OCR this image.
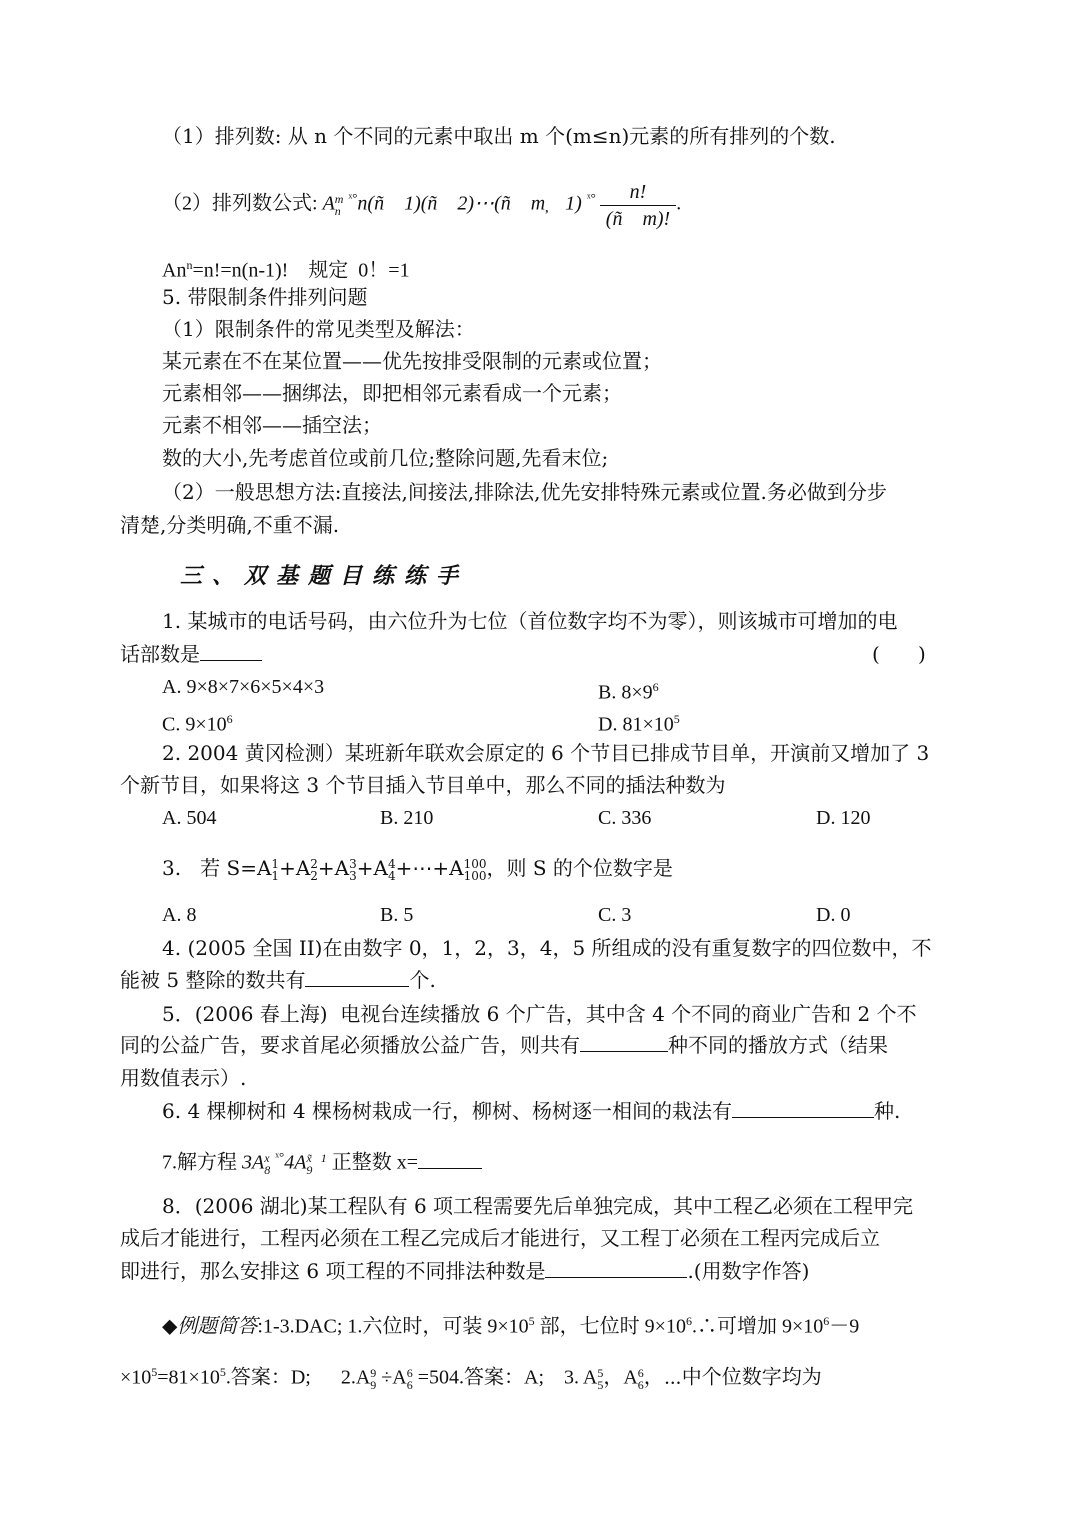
（1）排列数: 从 n 个不同的元素中取出 m 个(m≤n)元素的所有排列的个数.
（2）排列数公式: A m
n
$^{ˣ^\circ}$n(ñ    1)(ñ    2)⋯(ñ    m̦    1) $^{ˣ^\circ} \frac{n!}{\text{(ñ    m)!}}$ .
$An^n=n!=n(n-1)$!    规定  0！=1
5. 带限制条件排列问题
（1）限制条件的常见类型及解法：
某元素在不在某位置——优先按排受限制的元素或位置；
元素相邻——捆绑法，即把相邻元素看成一个元素；
元素不相邻——插空法；
数的大小,先考虑首位或前几位;整除问题,先看末位;
（2）一般思想方法:直接法,间接法,排除法,优先安排特殊元素或位置.务必做到分步
清楚,分类明确,不重不漏.
三、双基题目练练手
1. 某城市的电话号码，由六位升为七位（首位数字均不为零），则该城市可增加的电
话部数是	(      )
A. 9×8×7×6×5×4×3	B. $8\times 9^6$
C. $9\times 10^6$	D. $81\times 10^5$
2. 2004 黄冈检测）某班新年联欢会原定的 6 个节目已排成节目单，开演前又增加了 3
个新节目，如果将这 3 个节目插入节目单中，那么不同的插法种数为
A. 504	B. 210	C. 336	D. 120
3.   若 S=A 1
1 +A 2
2 +A 3
3 +A 4
4 +⋯+A 100
100 ，则 S 的个位数字是
A. 8	B. 5	C. 3	D. 0
4. (2005 全国 II)在由数字 0，1，2，3，4，5 所组成的没有重复数字的四位数中，不
能被 5 整除的数共有	个.
5．(2006 春上海)  电视台连续播放 6 个广告，其中含 4 个不同的商业广告和 2 个不
同的公益广告，要求首尾必须播放公益广告，则共有	种不同的播放方式（结果
用数值表示）.
6. 4 棵柳树和 4 棵杨树栽成一行，柳树、杨树逐一相间的栽法有	种.
7.解方程 3A x
8
$^{ˣ^\circ}$4A x̃   1
9 正整数 x=
8．(2006 湖北)某工程队有 6 项工程需要先后单独完成，其中工程乙必须在工程甲完
成后才能进行，工程丙必须在工程乙完成后才能进行，又工程丁必须在工程丙完成后立
即进行，那么安排这 6 项工程的不同排法种数是	.(用数字作答)
◆例题简答:1-3.DAC; 1.六位时，可装 $9\times 10^5$ 部，七位时 $9\times 10^6.\therefore$可增加 $9\times 10^6-9$
$\times 10^5=81\times 10^5$.答案：D;      2.A 9
9 ÷A 6
6 =504.答案：A;    3. A 5
5 ，A 6
6 ，⋯中个位数字均为
